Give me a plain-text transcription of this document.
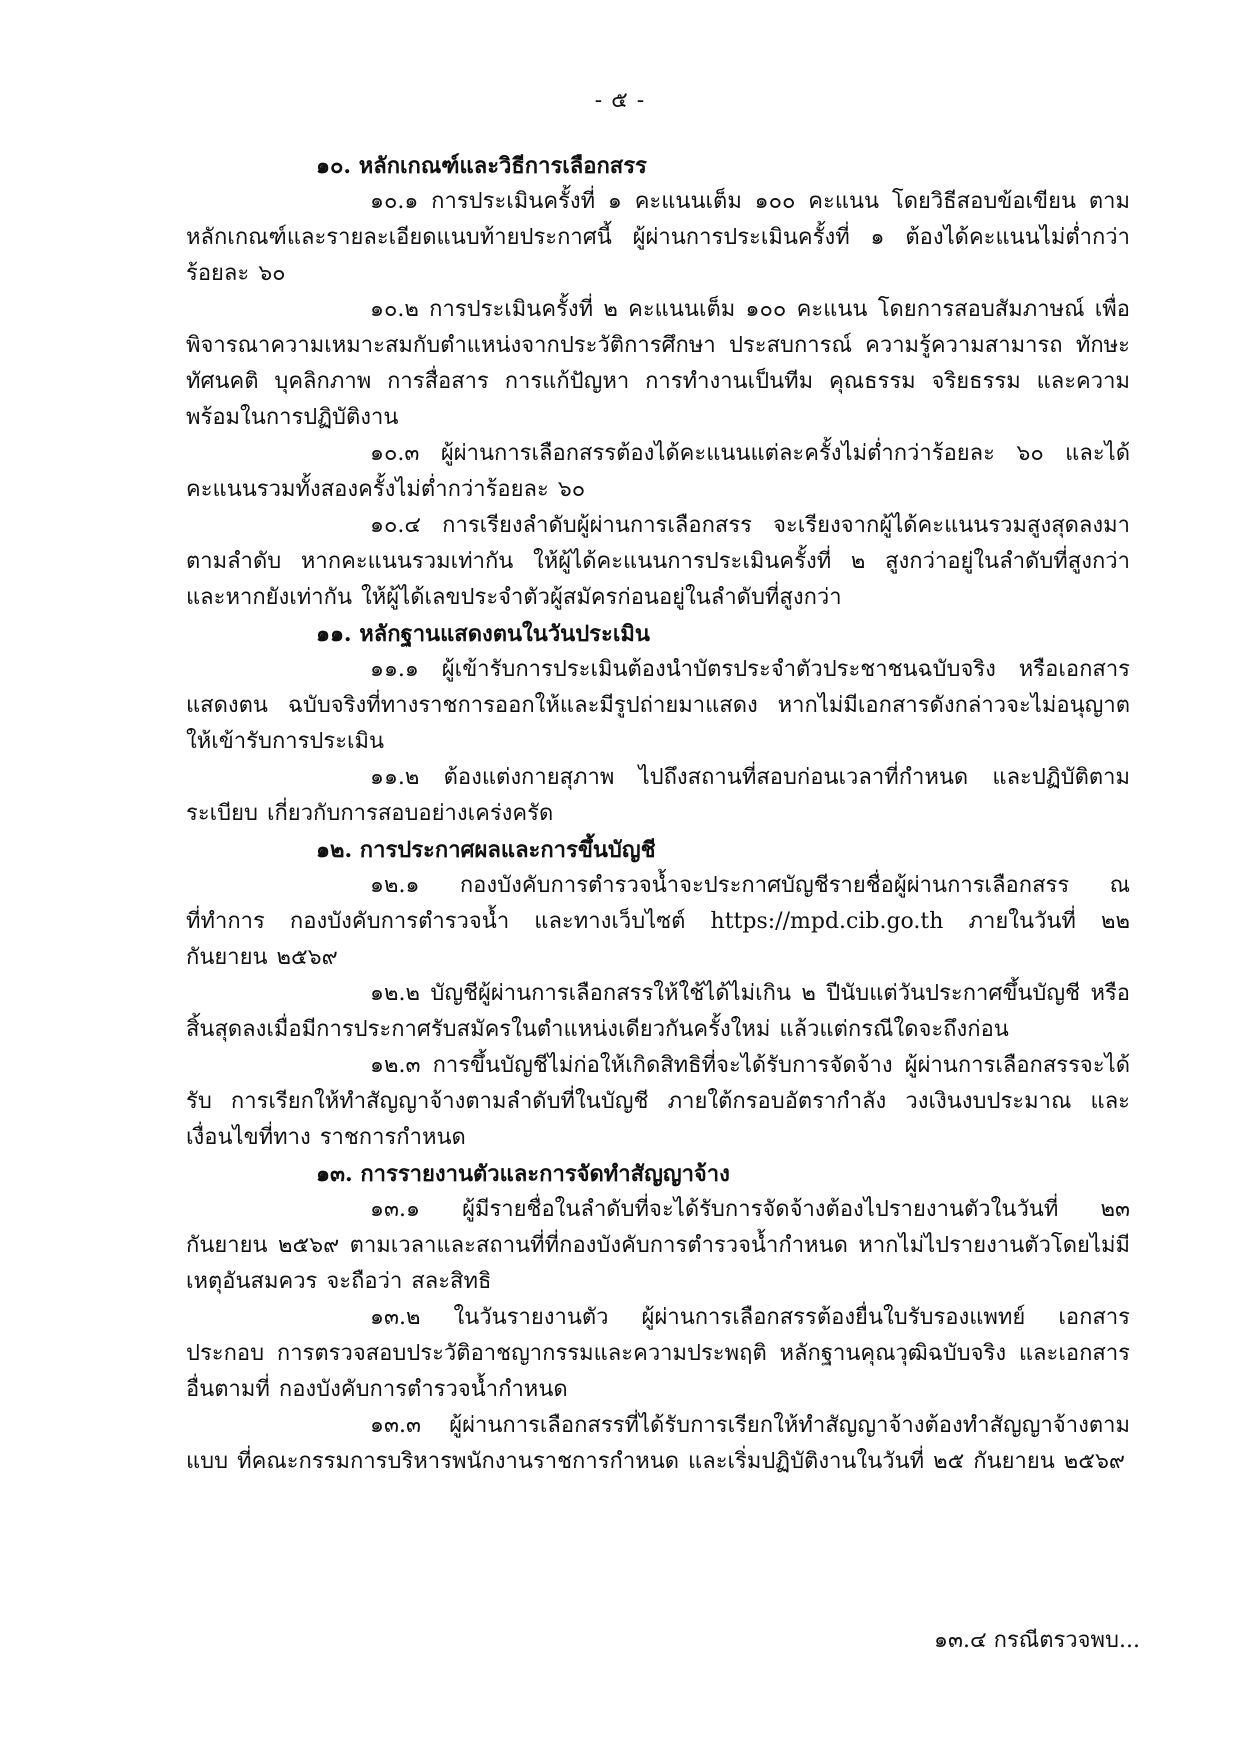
- ๕ -

๑๐. หลักเกณฑ์และวิธีการเลือกสรร

๑๐.๑ การประเมินครั้งที่ ๑ คะแนนเต็ม ๑๐๐ คะแนน โดยวิธีสอบข้อเขียน ตามหลักเกณฑ์และรายละเอียดแนบท้ายประกาศนี้ ผู้ผ่านการประเมินครั้งที่ ๑ ต้องได้คะแนนไม่ต่ำกว่าร้อยละ ๖๐

๑๐.๒ การประเมินครั้งที่ ๒ คะแนนเต็ม ๑๐๐ คะแนน โดยการสอบสัมภาษณ์ เพื่อพิจารณาความเหมาะสมกับตำแหน่งจากประวัติการศึกษา ประสบการณ์ ความรู้ความสามารถ ทักษะ ทัศนคติ บุคลิกภาพ การสื่อสาร การแก้ปัญหา การทำงานเป็นทีม คุณธรรม จริยธรรม และความพร้อมในการปฏิบัติงาน

๑๐.๓ ผู้ผ่านการเลือกสรรต้องได้คะแนนแต่ละครั้งไม่ต่ำกว่าร้อยละ ๖๐ และได้คะแนนรวมทั้งสองครั้งไม่ต่ำกว่าร้อยละ ๖๐

๑๐.๔ การเรียงลำดับผู้ผ่านการเลือกสรร จะเรียงจากผู้ได้คะแนนรวมสูงสุดลงมาตามลำดับ หากคะแนนรวมเท่ากัน ให้ผู้ได้คะแนนการประเมินครั้งที่ ๒ สูงกว่าอยู่ในลำดับที่สูงกว่า และหากยังเท่ากัน ให้ผู้ได้เลขประจำตัวผู้สมัครก่อนอยู่ในลำดับที่สูงกว่า

๑๑. หลักฐานแสดงตนในวันประเมิน

๑๑.๑ ผู้เข้ารับการประเมินต้องนำบัตรประจำตัวประชาชนฉบับจริง หรือเอกสารแสดงตน ฉบับจริงที่ทางราชการออกให้และมีรูปถ่ายมาแสดง หากไม่มีเอกสารดังกล่าวจะไม่อนุญาตให้เข้ารับการประเมิน

๑๑.๒ ต้องแต่งกายสุภาพ ไปถึงสถานที่สอบก่อนเวลาที่กำหนด และปฏิบัติตามระเบียบ เกี่ยวกับการสอบอย่างเคร่งครัด

๑๒. การประกาศผลและการขึ้นบัญชี

๑๒.๑ กองบังคับการตำรวจน้ำจะประกาศบัญชีรายชื่อผู้ผ่านการเลือกสรร ณ ที่ทำการ กองบังคับการตำรวจน้ำ และทางเว็บไซต์ https://mpd.cib.go.th ภายในวันที่ ๒๒ กันยายน ๒๕๖๙

๑๒.๒ บัญชีผู้ผ่านการเลือกสรรให้ใช้ได้ไม่เกิน ๒ ปีนับแต่วันประกาศขึ้นบัญชี หรือสิ้นสุดลงเมื่อมีการประกาศรับสมัครในตำแหน่งเดียวกันครั้งใหม่ แล้วแต่กรณีใดจะถึงก่อน

๑๒.๓ การขึ้นบัญชีไม่ก่อให้เกิดสิทธิที่จะได้รับการจัดจ้าง ผู้ผ่านการเลือกสรรจะได้รับ การเรียกให้ทำสัญญาจ้างตามลำดับที่ในบัญชี ภายใต้กรอบอัตรากำลัง วงเงินงบประมาณ และเงื่อนไขที่ทาง ราชการกำหนด

๑๓. การรายงานตัวและการจัดทำสัญญาจ้าง

๑๓.๑ ผู้มีรายชื่อในลำดับที่จะได้รับการจัดจ้างต้องไปรายงานตัวในวันที่ ๒๓ กันยายน ๒๕๖๙ ตามเวลาและสถานที่ที่กองบังคับการตำรวจน้ำกำหนด หากไม่ไปรายงานตัวโดยไม่มีเหตุอันสมควร จะถือว่า สละสิทธิ

๑๓.๒ ในวันรายงานตัว ผู้ผ่านการเลือกสรรต้องยื่นใบรับรองแพทย์ เอกสารประกอบ การตรวจสอบประวัติอาชญากรรมและความประพฤติ หลักฐานคุณวุฒิฉบับจริง และเอกสารอื่นตามที่ กองบังคับการตำรวจน้ำกำหนด

๑๓.๓ ผู้ผ่านการเลือกสรรที่ได้รับการเรียกให้ทำสัญญาจ้างต้องทำสัญญาจ้างตามแบบ ที่คณะกรรมการบริหารพนักงานราชการกำหนด และเริ่มปฏิบัติงานในวันที่ ๒๕ กันยายน ๒๕๖๙

๑๓.๔ กรณีตรวจพบ...
